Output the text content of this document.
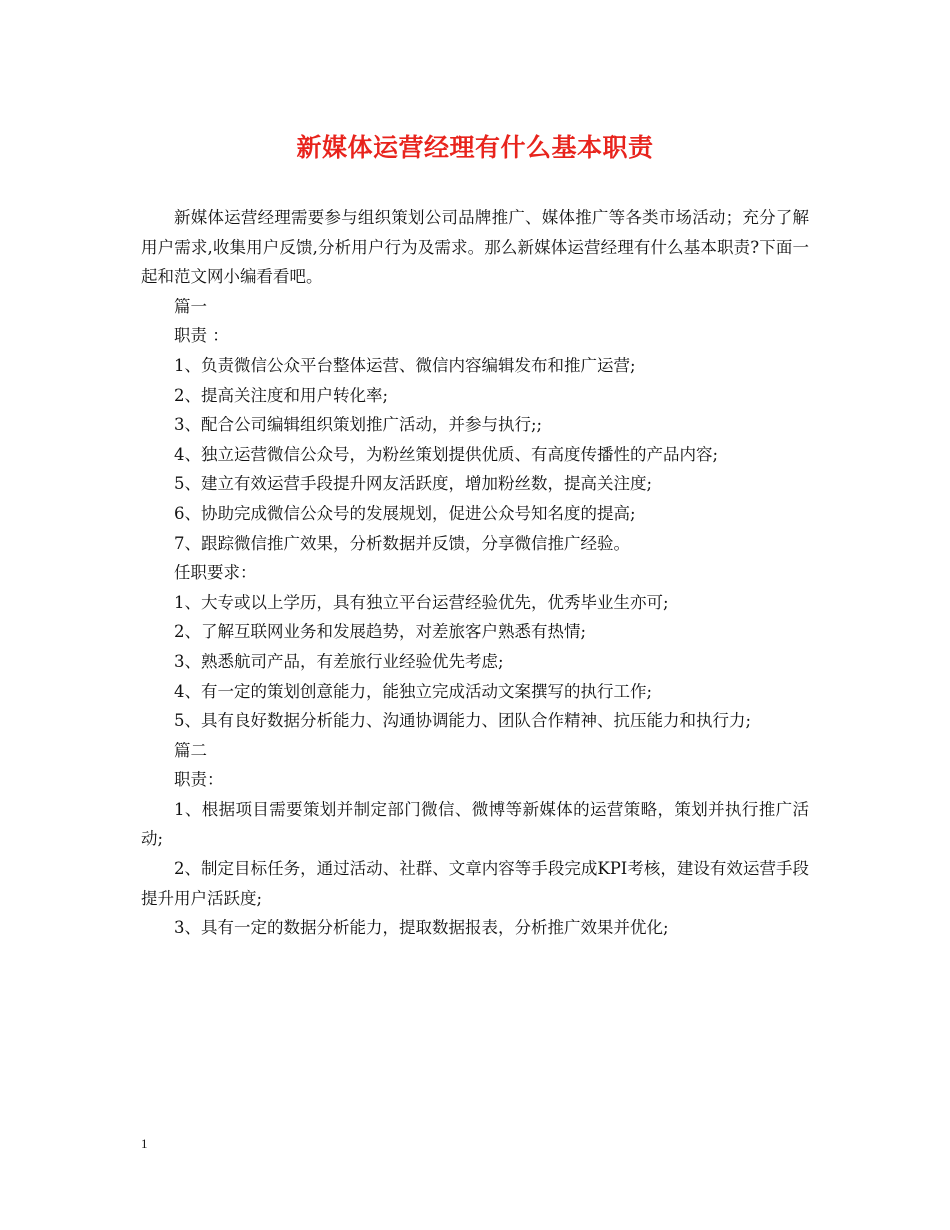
新媒体运营经理有什么基本职责

新媒体运营经理需要参与组织策划公司品牌推广、媒体推广等各类市场活动；充分了解用户需求,收集用户反馈,分析用户行为及需求。那么新媒体运营经理有什么基本职责?下面一起和范文网小编看看吧。

篇一

职责 ：

1、负责微信公众平台整体运营、微信内容编辑发布和推广运营;

2、提高关注度和用户转化率;

3、配合公司编辑组织策划推广活动，并参与执行;;

4、独立运营微信公众号，为粉丝策划提供优质、有高度传播性的产品内容;

5、建立有效运营手段提升网友活跃度，增加粉丝数，提高关注度;

6、协助完成微信公众号的发展规划，促进公众号知名度的提高;

7、跟踪微信推广效果，分析数据并反馈，分享微信推广经验。

任职要求：

1、大专或以上学历，具有独立平台运营经验优先，优秀毕业生亦可;

2、了解互联网业务和发展趋势，对差旅客户熟悉有热情;

3、熟悉航司产品，有差旅行业经验优先考虑;

4、有一定的策划创意能力，能独立完成活动文案撰写的执行工作;

5、具有良好数据分析能力、沟通协调能力、团队合作精神、抗压能力和执行力;

篇二

职责：

1、根据项目需要策划并制定部门微信、微博等新媒体的运营策略，策划并执行推广活动;

2、制定目标任务，通过活动、社群、文章内容等手段完成KPI考核，建设有效运营手段提升用户活跃度;

3、具有一定的数据分析能力，提取数据报表，分析推广效果并优化;

1
